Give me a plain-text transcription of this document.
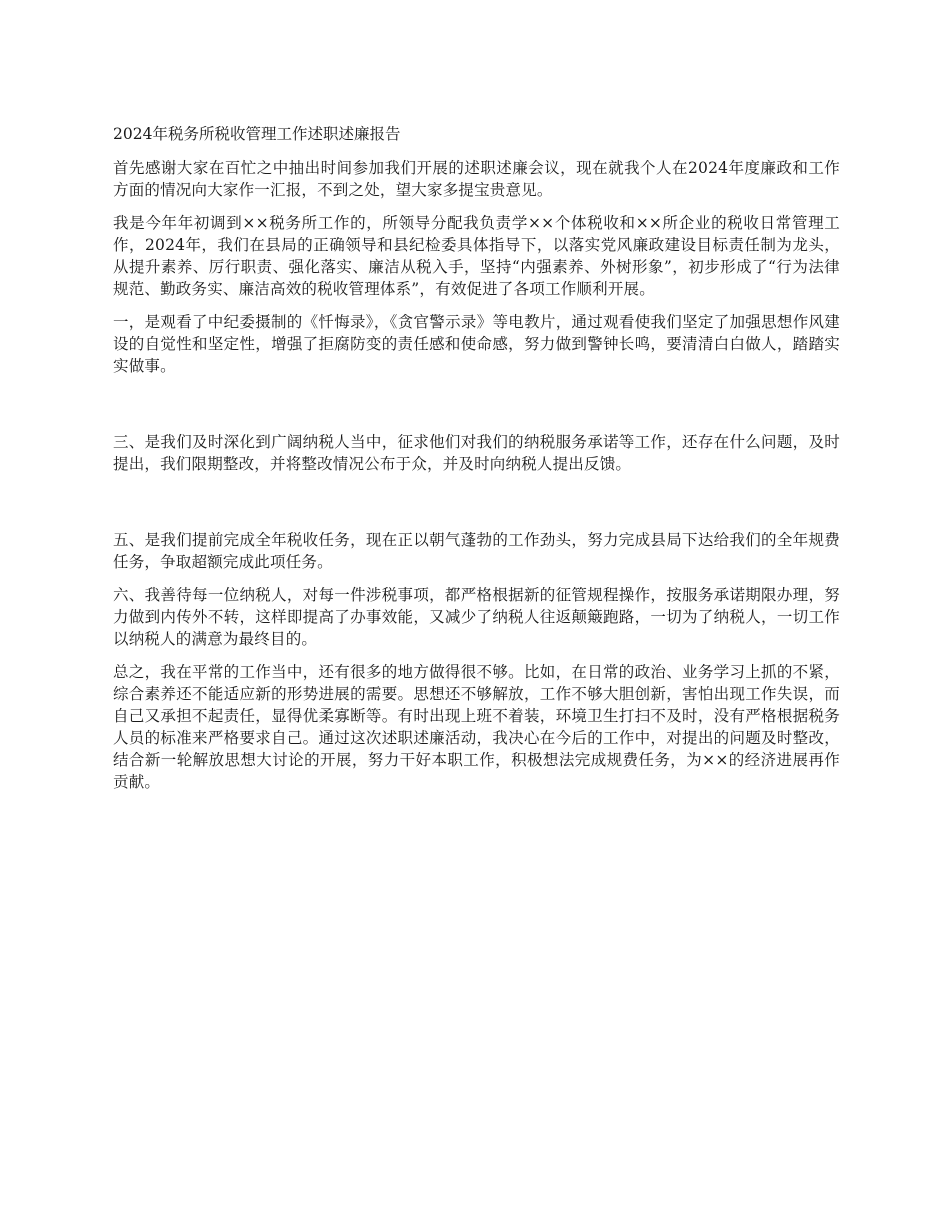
2024年税务所税收管理工作述职述廉报告

首先感谢大家在百忙之中抽出时间参加我们开展的述职述廉会议，现在就我个人在2024年度廉政和工作方面的情况向大家作一汇报，不到之处，望大家多提宝贵意见。

我是今年年初调到××税务所工作的，所领导分配我负责学××个体税收和××所企业的税收日常管理工作，2024年，我们在县局的正确领导和县纪检委具体指导下，以落实党风廉政建设目标责任制为龙头，从提升素养、厉行职责、强化落实、廉洁从税入手，坚持“内强素养、外树形象”，初步形成了“行为法律规范、勤政务实、廉洁高效的税收管理体系”，有效促进了各项工作顺利开展。

一，是观看了中纪委摄制的《忏悔录》，《贪官警示录》等电教片，通过观看使我们坚定了加强思想作风建设的自觉性和坚定性，增强了拒腐防变的责任感和使命感，努力做到警钟长鸣，要清清白白做人，踏踏实实做事。

三、是我们及时深化到广阔纳税人当中，征求他们对我们的纳税服务承诺等工作，还存在什么问题，及时提出，我们限期整改，并将整改情况公布于众，并及时向纳税人提出反馈。

五、是我们提前完成全年税收任务，现在正以朝气蓬勃的工作劲头，努力完成县局下达给我们的全年规费任务，争取超额完成此项任务。

六、我善待每一位纳税人，对每一件涉税事项，都严格根据新的征管规程操作，按服务承诺期限办理，努力做到内传外不转，这样即提高了办事效能，又减少了纳税人往返颠簸跑路，一切为了纳税人，一切工作以纳税人的满意为最终目的。

总之，我在平常的工作当中，还有很多的地方做得很不够。比如，在日常的政治、业务学习上抓的不紧，综合素养还不能适应新的形势进展的需要。思想还不够解放，工作不够大胆创新，害怕出现工作失误，而自己又承担不起责任，显得优柔寡断等。有时出现上班不着装，环境卫生打扫不及时，没有严格根据税务人员的标准来严格要求自己。通过这次述职述廉活动，我决心在今后的工作中，对提出的问题及时整改，结合新一轮解放思想大讨论的开展，努力干好本职工作，积极想法完成规费任务，为××的经济进展再作贡献。
